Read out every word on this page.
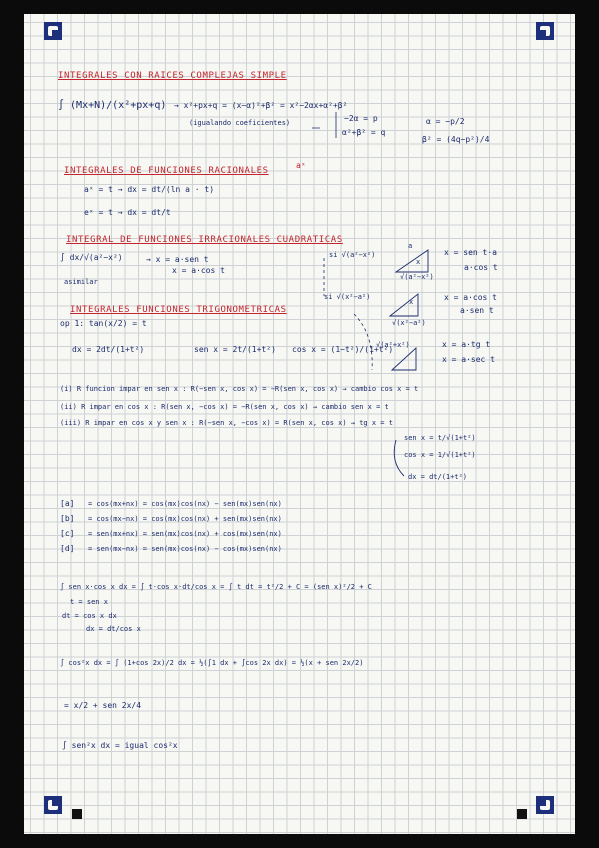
INTEGRALES CON RAICES COMPLEJAS SIMPLE
∫ (Mx+N)/(x²+px+q) → x²+px+q = (x−α)²+β² = x²−2αx+α²+β²
(igualando coeficientes)	−2α = p
α²+β² = q
α = −p/2
β² = (4q−p²)/4
INTEGRALES DE FUNCIONES RACIONALES
aˣ
aˣ = t → dx = dt/(ln a · t)
eˣ = t → dx = dt/t
INTEGRAL DE FUNCIONES IRRACIONALES CUADRATICAS
∫ dx/√(a²−x²)	→ x = a·sen t
x = a·cos t
asimilar
si √(a²−x²)
a
x
√(a²−x²)
x = sen t·a
a·cos t
si √(x²−a²)
x
√(x²−a²)
x = a·cos t
a·sen t
√(a²+x²)	x = a·tg t
x = a·sec t
INTEGRALES FUNCIONES TRIGONOMETRICAS
op 1: tan(x/2) = t
dx = 2dt/(1+t²)	sen x = 2t/(1+t²) cos x = (1−t²)/(1+t²)
(i) R funcion impar en sen x : R(−sen x, cos x) = −R(sen x, cos x) → cambio cos x = t
(ii) R impar en cos x : R(sen x, −cos x) = −R(sen x, cos x) → cambio sen x = t
(iii) R impar en cos x y sen x : R(−sen x, −cos x) = R(sen x, cos x) → tg x = t
sen x = t/√(1+t²)
cos x = 1/√(1+t²)
dx = dt/(1+t²)
[a] = cos(mx+nx) = cos(mx)cos(nx) − sen(mx)sen(nx)
[b] = cos(mx−nx) = cos(mx)cos(nx) + sen(mx)sen(nx)
[c] = sen(mx+nx) = sen(mx)cos(nx) + cos(mx)sen(nx)
[d] = sen(mx−nx) = sen(mx)cos(nx) − cos(mx)sen(nx)
∫ sen x·cos x dx = ∫ t·cos x·dt/cos x = ∫ t dt = t²/2 + C = (sen x)²/2 + C
t = sen x
dt = cos x dx
dx = dt/cos x
∫ cos²x dx = ∫ (1+cos 2x)/2 dx = ½(∫1 dx + ∫cos 2x dx) = ½(x + sen 2x/2)
= x/2 + sen 2x/4
∫ sen²x dx = igual cos²x
